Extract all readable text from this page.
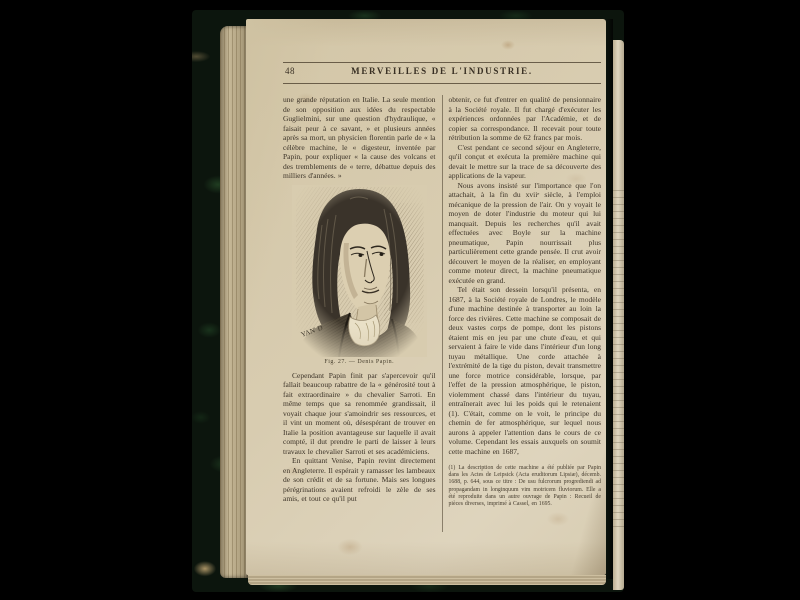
48	MERVEILLES DE L'INDUSTRIE.

une grande réputation en Italie. La seule mention de son opposition aux idées du respectable Guglielmini, sur une question d'hydraulique, « faisait peur à ce savant, » et plusieurs années après sa mort, un physicien florentin parle de « la célèbre machine, le « digesteur, inventée par Papin, pour expliquer « la cause des volcans et des tremblements de « terre, débattue depuis des milliers d'années. »

YAN' D
Fig. 27. — Denis Papin.

Cependant Papin finit par s'apercevoir qu'il fallait beaucoup rabattre de la « générosité tout à fait extraordinaire » du chevalier Sarroti. En même temps que sa renommée grandissait, il voyait chaque jour s'amoindrir ses ressources, et il vint un moment où, désespérant de trouver en Italie la position avantageuse sur laquelle il avait compté, il dut prendre le parti de laisser à leurs travaux le chevalier Sarroti et ses académiciens.

En quittant Venise, Papin revint directement en Angleterre. Il espérait y ramasser les lambeaux de son crédit et de sa fortune. Mais ses longues pérégrinations avaient refroidi le zèle de ses amis, et tout ce qu'il put

obtenir, ce fut d'entrer en qualité de pensionnaire à la Société royale. Il fut chargé d'exécuter les expériences ordonnées par l'Académie, et de copier sa correspondance. Il recevait pour toute rétribution la somme de 62 francs par mois.

C'est pendant ce second séjour en Angleterre, qu'il conçut et exécuta la première machine qui devait le mettre sur la trace de sa découverte des applications de la vapeur.

Nous avons insisté sur l'importance que l'on attachait, à la fin du xviiᵉ siècle, à l'emploi mécanique de la pression de l'air. On y voyait le moyen de doter l'industrie du moteur qui lui manquait. Depuis les recherches qu'il avait effectuées avec Boyle sur la machine pneumatique, Papin nourrissait plus particulièrement cette grande pensée. Il crut avoir découvert le moyen de la réaliser, en employant comme moteur direct, la machine pneumatique exécutée en grand.

Tel était son dessein lorsqu'il présenta, en 1687, à la Société royale de Londres, le modèle d'une machine destinée à transporter au loin la force des rivières. Cette machine se composait de deux vastes corps de pompe, dont les pistons étaient mis en jeu par une chute d'eau, et qui servaient à faire le vide dans l'intérieur d'un long tuyau métallique. Une corde attachée à l'extrémité de la tige du piston, devait transmettre une force motrice considérable, lorsque, par l'effet de la pression atmosphérique, le piston, violemment chassé dans l'intérieur du tuyau, entraînerait avec lui les poids qui le retenaient (1). C'était, comme on le voit, le principe du chemin de fer atmosphérique, sur lequel nous aurons à appeler l'attention dans le cours de ce volume. Cependant les essais auxquels on soumit cette machine en 1687,

(1) La description de cette machine a été publiée par Papin dans les Actes de Leipsick (Acta eruditorum Lipsiæ), décemb. 1688, p. 644, sous ce titre : De usu fulcrorum progrediendi ad propagandam in longinquum vim motricem fluviorum. Elle a été reproduite dans un autre ouvrage de Papin : Recueil de pièces diverses, imprimé à Cassel, en 1695.
